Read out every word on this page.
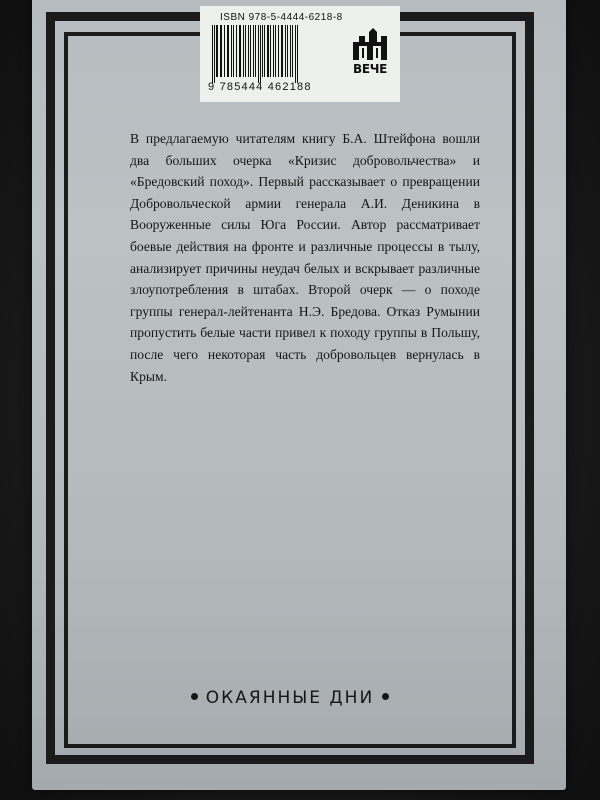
ISBN 978-5-4444-6218-8
9 785444 462188
ВЕЧЕ

В предлагаемую читателям книгу Б.А. Штейфона вошли два больших очерка «Кризис добровольчества» и «Бредовский поход». Первый рассказывает о превращении Добровольческой армии генерала А.И. Деникина в Вооруженные силы Юга России. Автор рассматривает боевые действия на фронте и различные процессы в тылу, анализирует причины неудач белых и вскрывает различные злоупотребления в штабах. Второй очерк — о походе группы генерал-лейтенанта Н.Э. Бредова. Отказ Румынии пропустить белые части привел к походу группы в Польшу, после чего некоторая часть добровольцев вернулась в Крым.

ОКАЯННЫЕ ДНИ
